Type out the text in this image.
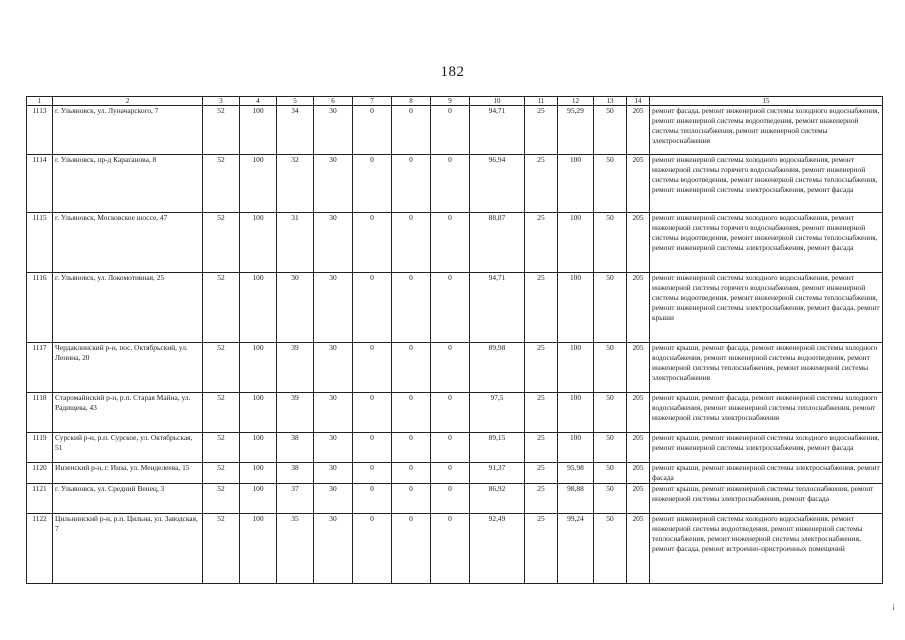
182
1	2	3	4	5	6	7	8	9	10	11	12	13	14	15
1113	г. Ульяновск, ул. Луначарского, 7	52	100	34	30	0	0	0	94,71	25	95,29	50	205	ремонт фасада, ремонт инженерной системы холодного водоснабжения, ремонт инженерной системы водоотведения, ремонт инженерной системы теплоснабжения, ремонт инженерной системы электроснабжения
1114	г. Ульяновск, пр-д Караганова, 8	52	100	32	30	0	0	0	96,94	25	100	50	205	ремонт инженерной системы холодного водоснабжения, ремонт инженерной системы горячего водоснабжения, ремонт инженерной системы водоотведения, ремонт инженерной системы теплоснабжения, ремонт инженерной системы электроснабжения, ремонт фасада
1115	г. Ульяновск, Московское шоссе, 47	52	100	31	30	0	0	0	88,87	25	100	50	205	ремонт инженерной системы холодного водоснабжения, ремонт инженерной системы горячего водоснабжения, ремонт инженерной системы водоотведения, ремонт инженерной системы теплоснабжения, ремонт инженерной системы электроснабжения, ремонт фасада
1116	г. Ульяновск, ул. Локомотивная, 25	52	100	30	30	0	0	0	94,71	25	100	50	205	ремонт инженерной системы холодного водоснабжения, ремонт инженерной системы горячего водоснабжения, ремонт инженерной системы водоотведения, ремонт инженерной системы теплоснабжения, ремонт инженерной системы электроснабжения, ремонт фасада, ремонт крыши
1117	Чердаклинский р-н, пос. Октябрьский, ул. Ленина, 20	52	100	39	30	0	0	0	89,98	25	100	50	205	ремонт крыши, ремонт фасада, ремонт инженерной системы холодного водоснабжения, ремонт инженерной системы водоотведения, ремонт инженерной системы теплоснабжения, ремонт инженерной системы электроснабжения
1118	Старомайнский р-н, р.п. Старая Майна, ул. Радищева, 43	52	100	39	30	0	0	0	97,5	25	100	50	205	ремонт крыши, ремонт фасада, ремонт инженерной системы холодного водоснабжения, ремонт инженерной системы теплоснабжения, ремонт инженерной системы электроснабжения
1119	Сурский р-н, р.п. Сурское, ул. Октябрьская, 51	52	100	38	30	0	0	0	89,15	25	100	50	205	ремонт крыши, ремонт инженерной системы холодного водоснабжения, ремонт инженерной системы электроснабжения, ремонт фасада
1120	Инзенский р-н, г. Инза, ул. Менделеева, 15	52	100	38	30	0	0	0	91,37	25	95,98	50	205	ремонт крыши, ремонт инженерной системы электроснабжения, ремонт фасада
1121	г. Ульяновск, ул. Средний Венец, 3	52	100	37	30	0	0	0	86,92	25	98,88	50	205	ремонт крыши, ремонт инженерной системы теплоснабжения, ремонт инженерной системы электроснабжения, ремонт фасада
1122	Цильнинский р-н, р.п. Цильна, ул. Заводская, 7	52	100	35	30	0	0	0	92,49	25	99,24	50	205	ремонт инженерной системы холодного водоснабжения, ремонт инженерной системы водоотведения, ремонт инженерной системы теплоснабжения, ремонт инженерной системы электроснабжения, ремонт фасада, ремонт встроенно-пристроенных помещений
¡
